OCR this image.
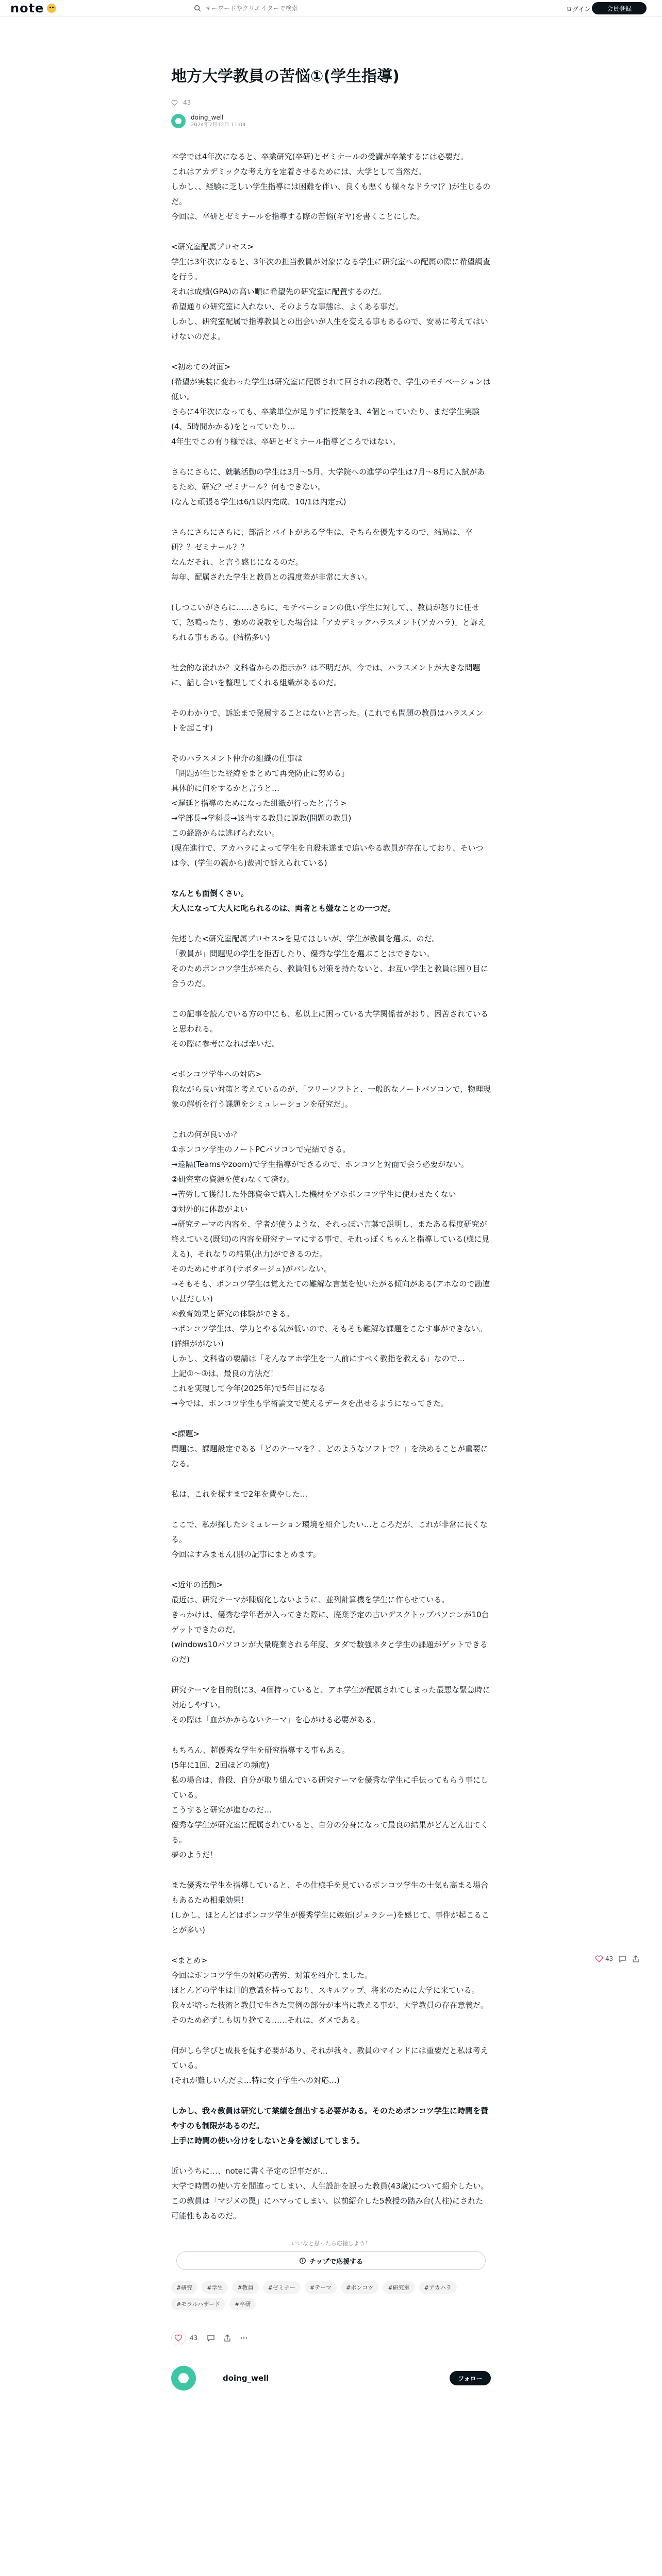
note
キーワードやクリエイターで検索	ログイン	会員登録
地方大学教員の苦悩①(学生指導)
43
doing_well
2024年7月12日 11:04

本学では4年次になると、卒業研究(卒研)とゼミナールの受講が卒業するには必要だ。
これはアカデミックな考え方を定着させるためには、大学として当然だ。
しかし、、経験に乏しい学生指導には困難を伴い、良くも悪くも様々なドラマ(？)が生じるのだ。
今回は、卒研とゼミナールを指導する際の苦悩(ギヤ)を書くことにした。

<研究室配属プロセス>
学生は3年次になると、3年次の担当教員が対象になる学生に研究室への配属の際に希望調査を行う。
それは成績(GPA)の高い順に希望先の研究室に配置するのだ。
希望通りの研究室に入れない、そのような事態は、よくある事だ。
しかし、研究室配属で指導教員との出会いが人生を変える事もあるので、安易に考えてはいけないのだよ。

<初めての対面>
(希望が実装に変わった学生は研究室に配属されて回されの段階で、学生のモチベーションは低い。
さらに4年次になっても、卒業単位が足りずに授業を3、4個とっていたり、まだ学生実験(4、5時間かかる)をとっていたり…
4年生でこの有り様では、卒研とゼミナール指導どころではない。

さらにさらに、就職活動の学生は3月〜5月、大学院への進学の学生は7月〜8月に入試があるため、研究？ゼミナール？何もできない。
(なんと頑張る学生は6/1以内完成、10/1は内定式)

さらにさらにさらに、部活とバイトがある学生は、そちらを優先するので、結局は、卒研？？ゼミナール？？
なんだそれ、と言う感じになるのだ。
毎年、配属された学生と教員との温度差が非常に大きい。

(しつこいがさらに……さらに、モチベーションの低い学生に対して、、教員が怒りに任せて、怒鳴ったり、強めの説教をした場合は「アカデミックハラスメント(アカハラ)」と訴えられる事もある。(結構多い)

社会的な流れか？文科省からの指示か？は不明だが、今では、ハラスメントが大きな問題に、話し合いを整理してくれる組織があるのだ。

そのわかりで、訴訟まで発展することはないと言った。(これでも問題の教員はハラスメントを起こす)

そのハラスメント仲介の組織の仕事は
「問題が生じた経緯をまとめて再発防止に努める」
具体的に何をするかと言うと…
<遅延と指導のためになった組織が行ったと言う>
→学部長→学科長→該当する教員に説教(問題の教員)
この経路からは逃げられない。
(現在進行で、アカハラによって学生を自殺未遂まで追いやる教員が存在しており、そいつは今、(学生の親から)裁判で訴えられている)

なんとも面倒くさい。
大人になって大人に叱られるのは、両者とも嫌なことの一つだ。

先述した<研究室配属プロセス>を見てほしいが、学生が教員を選ぶ。のだ。
「教員が」問題児の学生を拒否したり、優秀な学生を選ぶことはできない。
そのためポンコツ学生が来たら、教員側も対策を持たないと、お互い学生と教員は困り目に合うのだ。

この記事を読んでいる方の中にも、私以上に困っている大学関係者がおり、困苦されていると思われる。
その際に参考になれば幸いだ。

<ポンコツ学生への対応>
我ながら良い対策と考えているのが、「フリーソフトと、一般的なノートパソコンで、物理現象の解析を行う課題をシミュレーションを研究だ」。

これの何が良いか？
①ポンコツ学生のノートPCパソコンで完結できる。
→遠隔(Teamsやzoom)で学生指導ができるので、ポンコツと対面で会う必要がない。
②研究室の資源を使わなくて済む。
→苦労して獲得した外部資金で購入した機材をアホポンコツ学生に使わせたくない
③対外的に体裁がよい
→研究テーマの内容を、学者が使うような、それっぽい言葉で説明し、またある程度研究が終えている(既知)の内容を研究テーマにする事で、それっぽくちゃんと指導している(様に見える)、それなりの結果(出力)ができるのだ。
そのためにサボり(サボタージュ)がバレない。
→そもそも、ポンコツ学生は覚えたての難解な言葉を使いたがる傾向がある(アホなので勘違い甚だしい)
④教育効果と研究の体験ができる。
→ポンコツ学生は、学力とやる気が低いので、そもそも難解な課題をこなす事ができない。(詳細ががない)
しかし、文科省の要請は「そんなアホ学生を一人前にすべく教指を教える」なので…
上記①〜③は、最良の方法だ！
これを実現して今年(2025年)で5年目になる
→今では、ポンコツ学生も学術論文で使えるデータを出せるようになってきた。

<課題>
問題は、課題設定である「どのテーマを？、どのようなソフトで？」を決めることが重要になる。

私は、これを探すまで2年を費やした…

ここで、私が探したシミュレーション環境を紹介したい…ところだが、これが非常に長くなる。
今回はすみません(別の記事にまとめます。

<近年の活動>
最近は、研究テーマが陳腐化しないように、並列計算機を学生に作らせている。
きっかけは、優秀な学年者が入ってきた際に、廃棄予定の古いデスクトップパソコンが10台ゲットできたのだ。
(windows10パソコンが大量廃棄される年度、タダで数強ネタと学生の課題がゲットできるのだ)

研究テーマを目的別に3、4個持っていると、アホ学生が配属されてしまった最悪な緊急時に対応しやすい。
その際は「血がかからないテーマ」を心がける必要がある。

もちろん、超優秀な学生を研究指導する事もある。
(5年に1回、2回ほどの頻度)
私の場合は、普段、自分が取り組んでいる研究テーマを優秀な学生に手伝ってもらう事にしている。
こうすると研究が進むのだ…
優秀な学生が研究室に配属されていると、自分の分身になって最良の結果がどんどん出てくる。
夢のようだ！

また優秀な学生を指導していると、その仕様手を見ているポンコツ学生の士気も高まる場合もあるため相乗効果！
(しかし、ほとんどはポンコツ学生が優秀学生に嫉妬(ジェラシー)を感じて、事件が起こることが多い)

<まとめ>
今回はポンコツ学生の対応の苦労、対策を紹介しました。
ほとんどの学生は目的意識を持っており、スキルアップ、将来のために大学に来ている。
我々が培った技術と教員で生きた実例の部分が本当に教える事が、大学教員の存在意義だ。そのため必ずしも切り捨てる……それは、ダメである。

何がしら学びと成長を促す必要があり、それが我々、教員のマインドには重要だと私は考えている。
(それが難しいんだよ…特に女子学生への対応…)

しかし、我々教員は研究して業績を創出する必要がある。そのためポンコツ学生に時間を費やすのも制限があるのだ。
上手に時間の使い分けをしないと身を滅ぼしてしまう。

近いうちに…、noteに書く予定の記事だが…
大学で時間の使い方を間違ってしまい、人生設計を誤った教員(43歳)について紹介したい。
この教員は「マジメの罠」にハマってしまい、以前紹介した5教授の踏み台(人柱)にされた可能性もあるのだ。

いいなと思ったら応援しよう！
チップで応援する
#研究	#学生	#教員	#ゼミナー	#テーマ	#ポンコツ	#研究室	#アカハラ
#モラルハザード	#卒研
43
doing_well	フォロー
43
